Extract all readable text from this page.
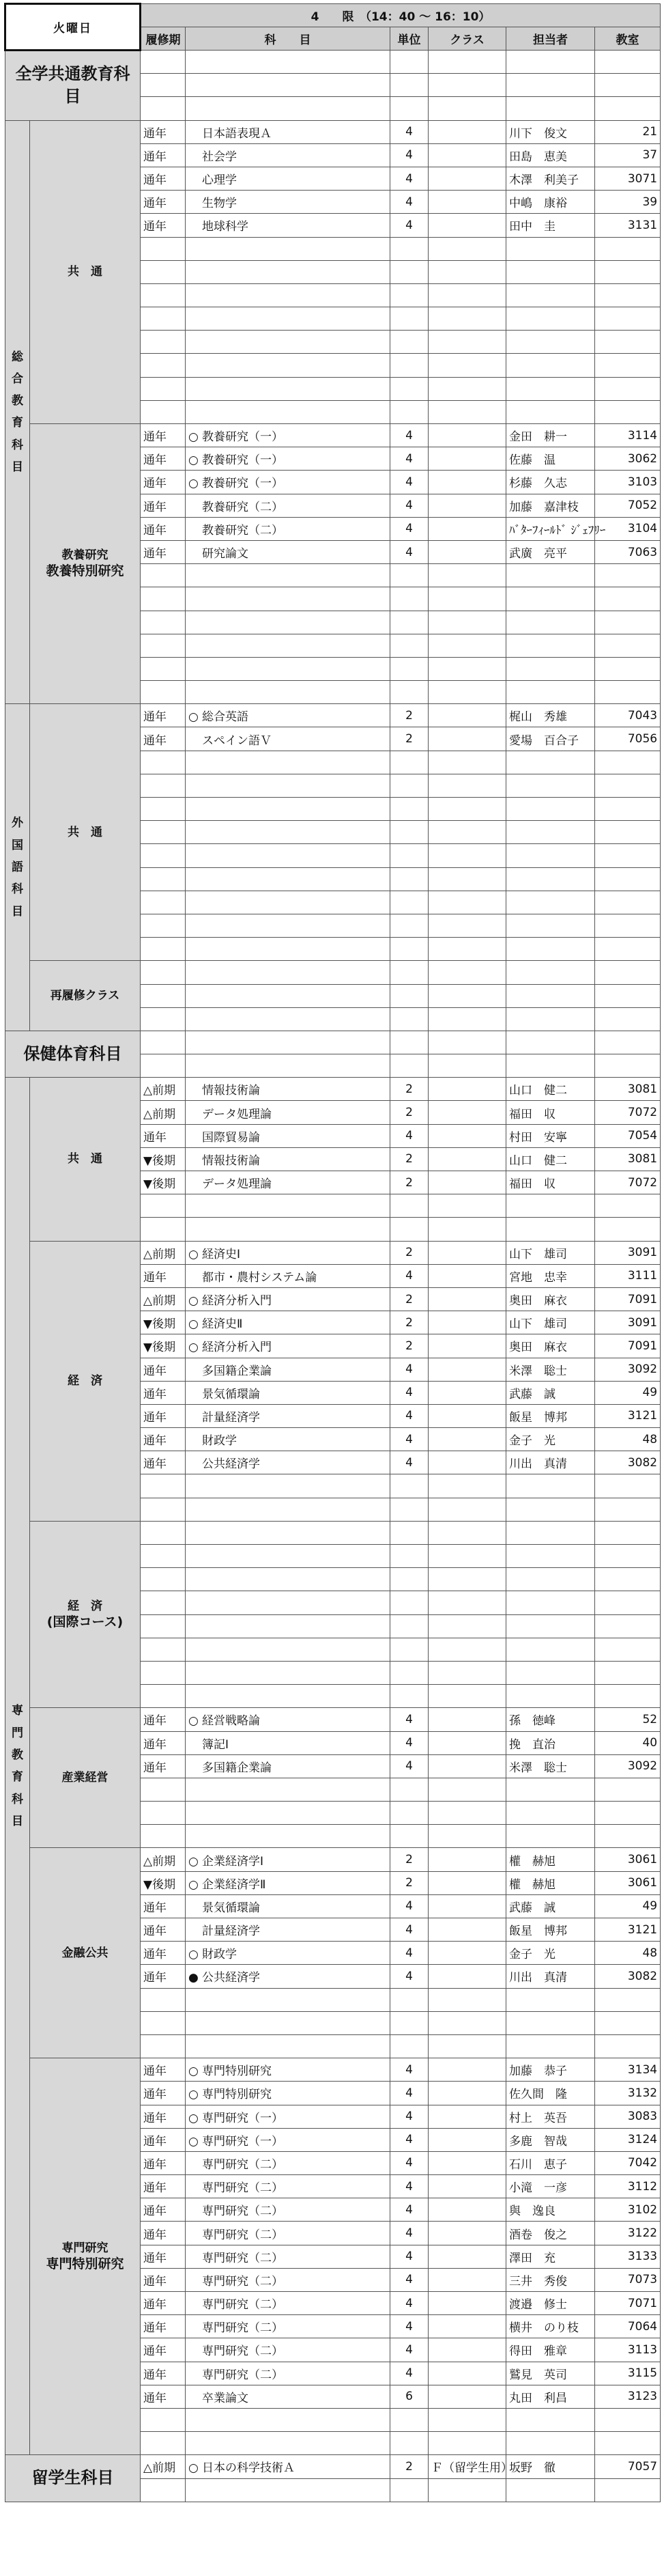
火曜日		4　　限　（14：40 ～ 16：10）					
		履修期	科　　目	単位	クラス	担当者	教室
全学共通教育科目							

総合教育科目	共　通	通年	日本語表現Ａ	4		川下　俊文	21
		通年	社会学	4		田島　恵美	37
		通年	心理学	4		木澤　利美子	3071
		通年	生物学	4		中嶋　康裕	39
		通年	地球科学	4		田中　圭	3131

	教養研究
教養特別研究	通年	○ 教養研究（一）	4		金田　耕一	3114
		通年	○ 教養研究（一）	4		佐藤　温	3062
		通年	○ 教養研究（一）	4		杉藤　久志	3103
		通年	教養研究（二）	4		加藤　嘉津枝	7052
		通年	教養研究（二）	4		ﾊﾞﾀｰﾌｨｰﾙﾄﾞ ｼﾞｪﾌﾘｰ	3104
		通年	研究論文	4		武廣　亮平	7063

外国語科目	共　通	通年	○ 総合英語	2		梶山　秀雄	7043
		通年	スペイン語Ｖ	2		愛場　百合子	7056

	再履修クラス						

保健体育科目							

専門教育科目	共　通	△前期	情報技術論	2		山口　健二	3081
		△前期	データ処理論	2		福田　収	7072
		通年	国際貿易論	4		村田　安寧	7054
		▼後期	情報技術論	2		山口　健二	3081
		▼後期	データ処理論	2		福田　収	7072

	経　済	△前期	○ 経済史Ⅰ	2		山下　雄司	3091
		通年	都市・農村システム論	4		宮地　忠幸	3111
		△前期	○ 経済分析入門	2		奥田　麻衣	7091
		▼後期	○ 経済史Ⅱ	2		山下　雄司	3091
		▼後期	○ 経済分析入門	2		奥田　麻衣	7091
		通年	多国籍企業論	4		米澤　聡士	3092
		通年	景気循環論	4		武藤　誠	49
		通年	計量経済学	4		飯星　博邦	3121
		通年	財政学	4		金子　光	48
		通年	公共経済学	4		川出　真清	3082

	経　済
(国際コース)						

	産業経営	通年	○ 経営戦略論	4		孫　徳峰	52
		通年	簿記Ⅰ	4		挽　直治	40
		通年	多国籍企業論	4		米澤　聡士	3092

	金融公共	△前期	○ 企業経済学Ⅰ	2		權　赫旭	3061
		▼後期	○ 企業経済学Ⅱ	2		權　赫旭	3061
		通年	景気循環論	4		武藤　誠	49
		通年	計量経済学	4		飯星　博邦	3121
		通年	○ 財政学	4		金子　光	48
		通年	● 公共経済学	4		川出　真清	3082

	専門研究
専門特別研究	通年	○ 専門特別研究	4		加藤　恭子	3134
		通年	○ 専門特別研究	4		佐久間　隆	3132
		通年	○ 専門研究（一）	4		村上　英吾	3083
		通年	○ 専門研究（一）	4		多鹿　智哉	3124
		通年	専門研究（二）	4		石川　恵子	7042
		通年	専門研究（二）	4		小滝　一彦	3112
		通年	専門研究（二）	4		與　逸良	3102
		通年	専門研究（二）	4		酒卷　俊之	3122
		通年	専門研究（二）	4		澤田　充	3133
		通年	専門研究（二）	4		三井　秀俊	7073
		通年	専門研究（二）	4		渡邉　修士	7071
		通年	専門研究（二）	4		横井　のり枝	7064
		通年	専門研究（二）	4		得田　雅章	3113
		通年	専門研究（二）	4		鷲見　英司	3115
		通年	卒業論文	6		丸田　利昌	3123

留学生科目		△前期	○ 日本の科学技術Ａ	2	Ｆ（留学生用）	坂野　徹	7057
